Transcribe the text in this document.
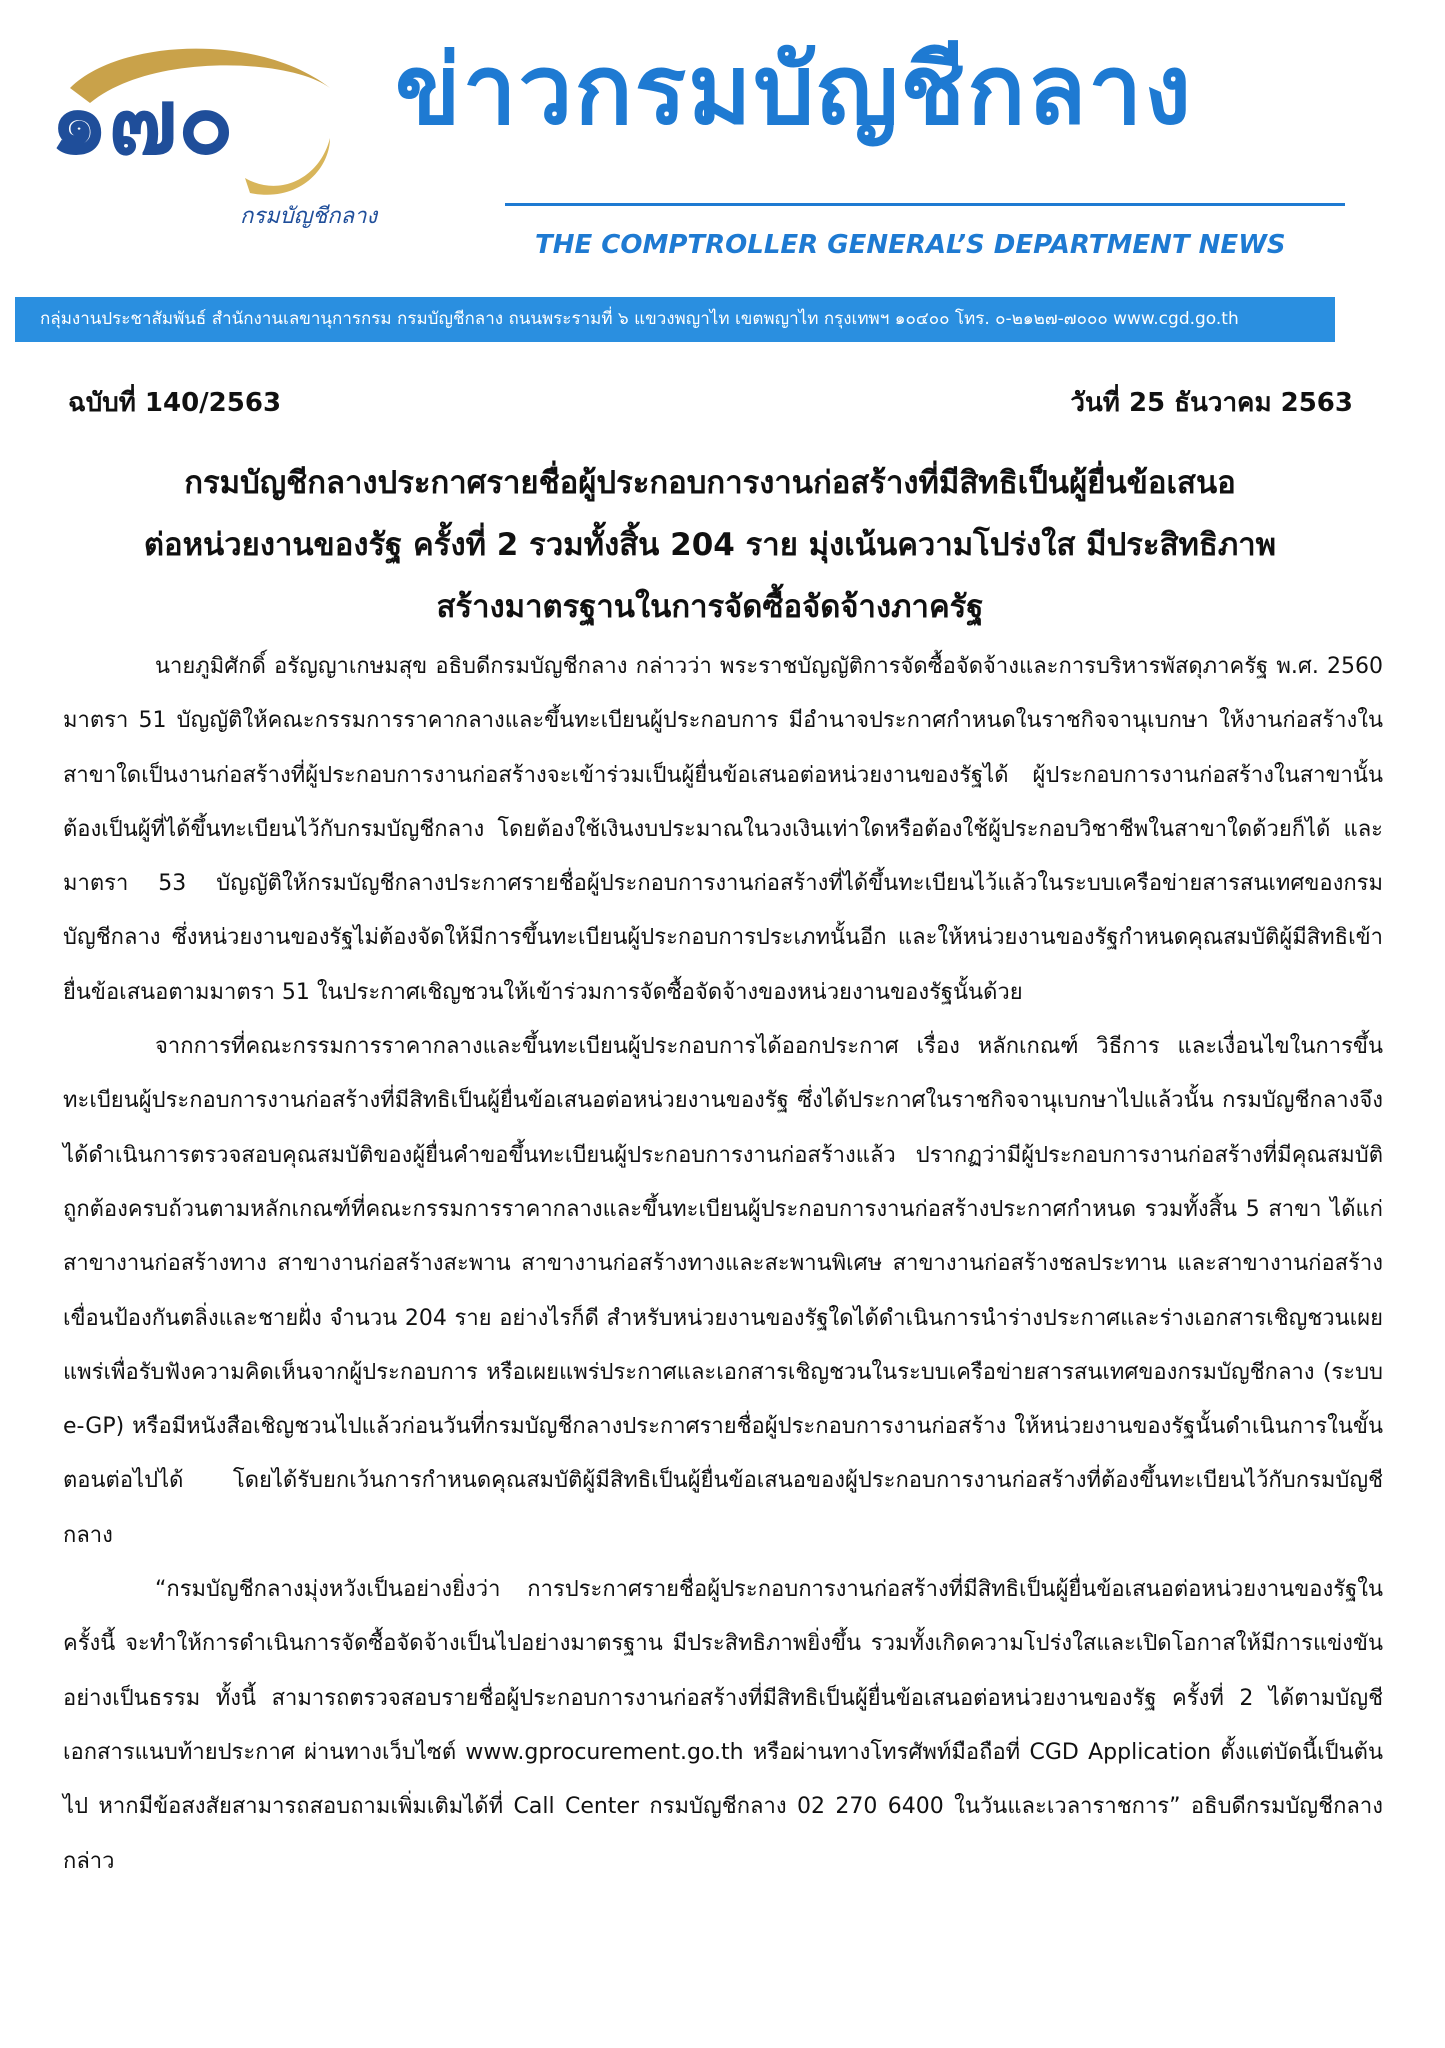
๑๗๐
กรมบัญชีกลาง
ข่าวกรมบัญชีกลาง
THE COMPTROLLER GENERAL’S DEPARTMENT NEWS
กลุ่มงานประชาสัมพันธ์ สำนักงานเลขานุการกรม กรมบัญชีกลาง ถนนพระรามที่ ๖ แขวงพญาไท เขตพญาไท กรุงเทพฯ ๑๐๔๐๐ โทร. ๐-๒๑๒๗-๗๐๐๐ www.cgd.go.th
ฉบับที่ 140/2563	วันที่ 25 ธันวาคม 2563
กรมบัญชีกลางประกาศรายชื่อผู้ประกอบการงานก่อสร้างที่มีสิทธิเป็นผู้ยื่นข้อเสนอ
ต่อหน่วยงานของรัฐ ครั้งที่ 2 รวมทั้งสิ้น 204 ราย มุ่งเน้นความโปร่งใส มีประสิทธิภาพ
สร้างมาตรฐานในการจัดซื้อจัดจ้างภาครัฐ

นายภูมิศักดิ์ อรัญญาเกษมสุข อธิบดีกรมบัญชีกลาง กล่าวว่า พระราชบัญญัติการจัดซื้อจัดจ้างและการบริหารพัสดุภาครัฐ พ.ศ. 2560 มาตรา 51 บัญญัติให้คณะกรรมการราคากลางและขึ้นทะเบียนผู้ประกอบการ มีอำนาจประกาศกำหนดในราชกิจจานุเบกษา ให้งานก่อสร้างในสาขาใดเป็นงานก่อสร้างที่ผู้ประกอบการงานก่อสร้างจะเข้าร่วมเป็นผู้ยื่นข้อเสนอต่อหน่วยงานของรัฐได้ ผู้ประกอบการงานก่อสร้างในสาขานั้นต้องเป็นผู้ที่ได้ขึ้นทะเบียนไว้กับกรมบัญชีกลาง โดยต้องใช้เงินงบประมาณในวงเงินเท่าใดหรือต้องใช้ผู้ประกอบวิชาชีพในสาขาใดด้วยก็ได้ และมาตรา 53 บัญญัติให้กรมบัญชีกลางประกาศรายชื่อผู้ประกอบการงานก่อสร้างที่ได้ขึ้นทะเบียนไว้แล้วในระบบเครือข่ายสารสนเทศของกรมบัญชีกลาง ซึ่งหน่วยงานของรัฐไม่ต้องจัดให้มีการขึ้นทะเบียนผู้ประกอบการประเภทนั้นอีก และให้หน่วยงานของรัฐกำหนดคุณสมบัติผู้มีสิทธิเข้ายื่นข้อเสนอตามมาตรา 51 ในประกาศเชิญชวนให้เข้าร่วมการจัดซื้อจัดจ้างของหน่วยงานของรัฐนั้นด้วย

จากการที่คณะกรรมการราคากลางและขึ้นทะเบียนผู้ประกอบการได้ออกประกาศ เรื่อง หลักเกณฑ์ วิธีการ และเงื่อนไขในการขึ้นทะเบียนผู้ประกอบการงานก่อสร้างที่มีสิทธิเป็นผู้ยื่นข้อเสนอต่อหน่วยงานของรัฐ ซึ่งได้ประกาศในราชกิจจานุเบกษาไปแล้วนั้น กรมบัญชีกลางจึงได้ดำเนินการตรวจสอบคุณสมบัติของผู้ยื่นคำขอขึ้นทะเบียนผู้ประกอบการงานก่อสร้างแล้ว ปรากฏว่ามีผู้ประกอบการงานก่อสร้างที่มีคุณสมบัติถูกต้องครบถ้วนตามหลักเกณฑ์ที่คณะกรรมการราคากลางและขึ้นทะเบียนผู้ประกอบการงานก่อสร้างประกาศกำหนด รวมทั้งสิ้น 5 สาขา ได้แก่ สาขางานก่อสร้างทาง สาขางานก่อสร้างสะพาน สาขางานก่อสร้างทางและสะพานพิเศษ สาขางานก่อสร้างชลประทาน และสาขางานก่อสร้างเขื่อนป้องกันตลิ่งและชายฝั่ง จำนวน 204 ราย อย่างไรก็ดี สำหรับหน่วยงานของรัฐใดได้ดำเนินการนำร่างประกาศและร่างเอกสารเชิญชวนเผยแพร่เพื่อรับฟังความคิดเห็นจากผู้ประกอบการ หรือเผยแพร่ประกาศและเอกสารเชิญชวนในระบบเครือข่ายสารสนเทศของกรมบัญชีกลาง (ระบบ e-GP) หรือมีหนังสือเชิญชวนไปแล้วก่อนวันที่กรมบัญชีกลางประกาศรายชื่อผู้ประกอบการงานก่อสร้าง ให้หน่วยงานของรัฐนั้นดำเนินการในขั้นตอนต่อไปได้ โดยได้รับยกเว้นการกำหนดคุณสมบัติผู้มีสิทธิเป็นผู้ยื่นข้อเสนอของผู้ประกอบการงานก่อสร้างที่ต้องขึ้นทะเบียนไว้กับกรมบัญชีกลาง

“กรมบัญชีกลางมุ่งหวังเป็นอย่างยิ่งว่า การประกาศรายชื่อผู้ประกอบการงานก่อสร้างที่มีสิทธิเป็นผู้ยื่นข้อเสนอต่อหน่วยงานของรัฐในครั้งนี้ จะทำให้การดำเนินการจัดซื้อจัดจ้างเป็นไปอย่างมาตรฐาน มีประสิทธิภาพยิ่งขึ้น รวมทั้งเกิดความโปร่งใสและเปิดโอกาสให้มีการแข่งขันอย่างเป็นธรรม ทั้งนี้ สามารถตรวจสอบรายชื่อผู้ประกอบการงานก่อสร้างที่มีสิทธิเป็นผู้ยื่นข้อเสนอต่อหน่วยงานของรัฐ ครั้งที่ 2 ได้ตามบัญชีเอกสารแนบท้ายประกาศ ผ่านทางเว็บไซต์ www.gprocurement.go.th หรือผ่านทางโทรศัพท์มือถือที่ CGD Application ตั้งแต่บัดนี้เป็นต้นไป หากมีข้อสงสัยสามารถสอบถามเพิ่มเติมได้ที่ Call Center กรมบัญชีกลาง 02 270 6400 ในวันและเวลาราชการ” อธิบดีกรมบัญชีกลาง กล่าว
